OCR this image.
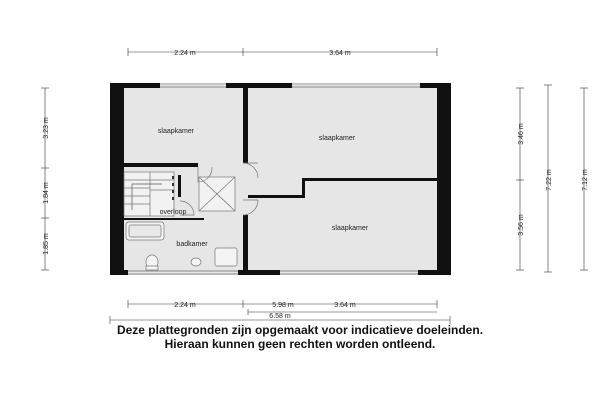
slaapkamer
slaapkamer
slaapkamer
overloop
badkamer
2.24 m	3.64 m
2.24 m	5.98 m	3.64 m
6.58 m
3.23 m
1.84 m
1.85 m
3.46 m
3.56 m
7.22 m	7.12 m
Deze plattegronden zijn opgemaakt voor indicatieve doeleinden.
Hieraan kunnen geen rechten worden ontleend.
